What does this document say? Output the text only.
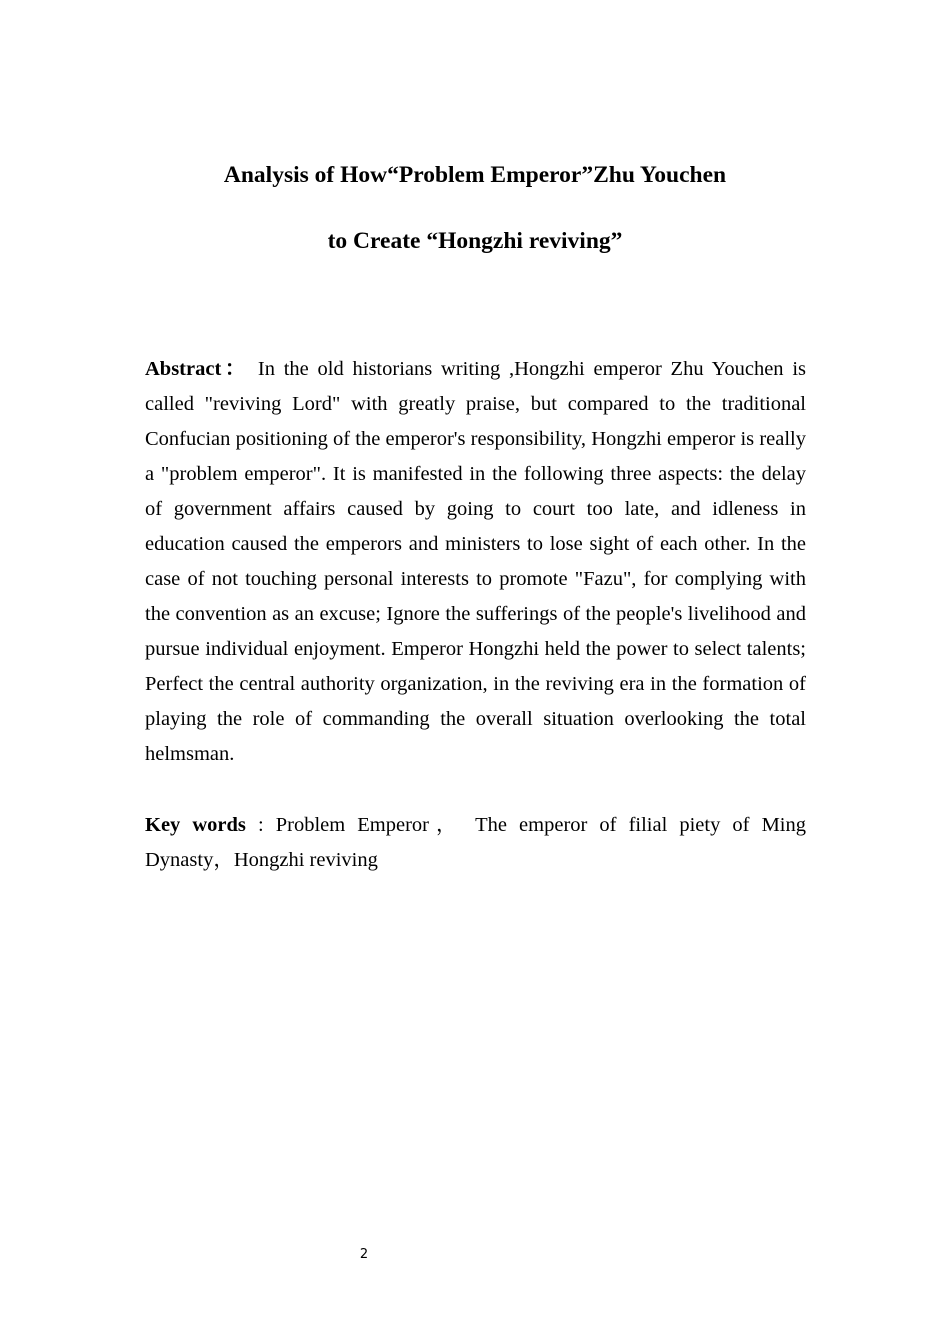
Analysis of How“Problem Emperor”Zhu Youchen
to Create “Hongzhi reviving”

Abstract： In the old historians writing ,Hongzhi emperor Zhu Youchen is called "reviving Lord" with greatly praise, but compared to the traditional Confucian positioning of the emperor's responsibility, Hongzhi emperor is really a "problem emperor". It is manifested in the following three aspects: the delay of government affairs caused by going to court too late, and idleness in education caused the emperors and ministers to lose sight of each other. In the case of not touching personal interests to promote "Fazu", for complying with the convention as an excuse; Ignore the sufferings of the people's livelihood and pursue individual enjoyment. Emperor Hongzhi held the power to select talents; Perfect the central authority organization, in the reviving era in the formation of playing the role of commanding the overall situation overlooking the total helmsman.

Key words : Problem Emperor， The emperor of filial piety of Ming Dynasty，Hongzhi reviving

2
